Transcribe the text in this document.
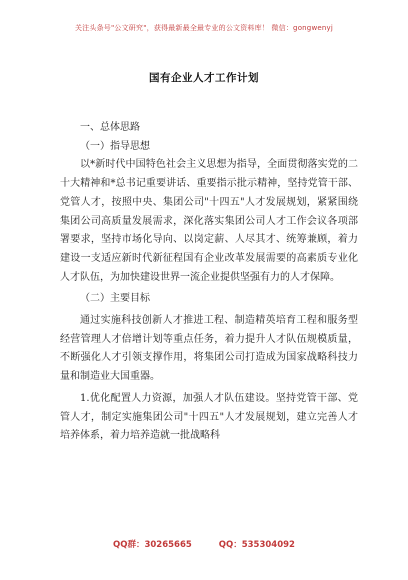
关注头条号"公文研究"，获得最新最全最专业的公文资料库！ 微信：gongwenyj
国有企业人才工作计划

一、总体思路

（一）指导思想

以*新时代中国特色社会主义思想为指导，全面贯彻落实党的二十大精神和*总书记重要讲话、重要指示批示精神，坚持党管干部、党管人才，按照中央、集团公司"十四五"人才发展规划，紧紧围绕集团公司高质量发展需求，深化落实集团公司人才工作会议各项部署要求，坚持市场化导向、以岗定薪、人尽其才、统筹兼顾，着力建设一支适应新时代新征程国有企业改革发展需要的高素质专业化人才队伍，为加快建设世界一流企业提供坚强有力的人才保障。

（二）主要目标

通过实施科技创新人才推进工程、制造精英培育工程和服务型经营管理人才倍增计划等重点任务，着力提升人才队伍规模质量，不断强化人才引领支撑作用，将集团公司打造成为国家战略科技力量和制造业大国重器。

1.优化配置人力资源，加强人才队伍建设。坚持党管干部、党管人才，制定实施集团公司"十四五"人才发展规划，建立完善人才培养体系，着力培养造就一批战略科

QQ群：30265665	QQ：535304092
